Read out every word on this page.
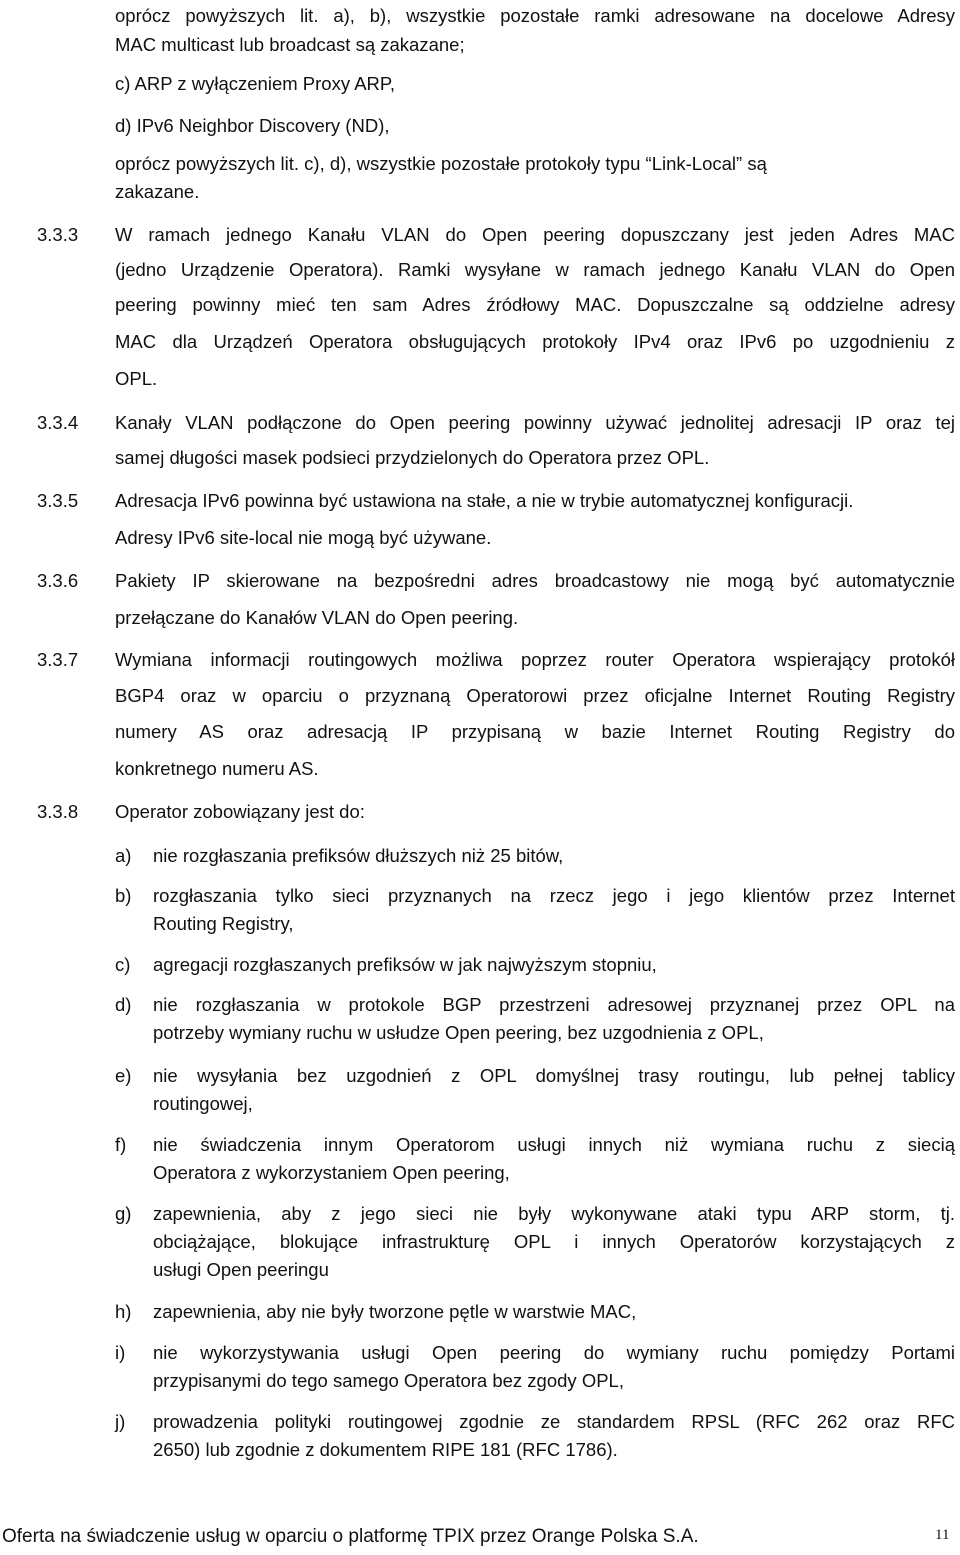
oprócz powyższych lit. a), b), wszystkie pozostałe ramki adresowane na docelowe Adresy
MAC multicast lub broadcast są zakazane;
c) ARP z wyłączeniem Proxy ARP,
d) IPv6 Neighbor Discovery (ND),
oprócz powyższych lit. c), d), wszystkie pozostałe protokoły typu “Link-Local” są
zakazane.
3.3.3 W ramach jednego Kanału VLAN do Open peering dopuszczany jest jeden Adres MAC
(jedno Urządzenie Operatora). Ramki wysyłane w ramach jednego Kanału VLAN do Open
peering powinny mieć ten sam Adres źródłowy MAC. Dopuszczalne są oddzielne adresy
MAC dla Urządzeń Operatora obsługujących protokoły IPv4 oraz IPv6 po uzgodnieniu z
OPL.
3.3.4 Kanały VLAN podłączone do Open peering powinny używać jednolitej adresacji IP oraz tej
samej długości masek podsieci przydzielonych do Operatora przez OPL.
3.3.5 Adresacja IPv6 powinna być ustawiona na stałe, a nie w trybie automatycznej konfiguracji.
Adresy IPv6 site-local nie mogą być używane.
3.3.6 Pakiety IP skierowane na bezpośredni adres broadcastowy nie mogą być automatycznie
przełączane do Kanałów VLAN do Open peering.
3.3.7 Wymiana informacji routingowych możliwa poprzez router Operatora wspierający protokół
BGP4 oraz w oparciu o przyznaną Operatorowi przez oficjalne Internet Routing Registry
numery AS oraz adresacją IP przypisaną w bazie Internet Routing Registry do
konkretnego numeru AS.
3.3.8 Operator zobowiązany jest do:
a) nie rozgłaszania prefiksów dłuższych niż 25 bitów,
b) rozgłaszania tylko sieci przyznanych na rzecz jego i jego klientów przez Internet
Routing Registry,
c) agregacji rozgłaszanych prefiksów w jak najwyższym stopniu,
d) nie rozgłaszania w protokole BGP przestrzeni adresowej przyznanej przez OPL na
potrzeby wymiany ruchu w usłudze Open peering, bez uzgodnienia z OPL,
e) nie wysyłania bez uzgodnień z OPL domyślnej trasy routingu, lub pełnej tablicy
routingowej,
f) nie świadczenia innym Operatorom usługi innych niż wymiana ruchu z siecią
Operatora z wykorzystaniem Open peering,
g) zapewnienia, aby z jego sieci nie były wykonywane ataki typu ARP storm, tj.
obciążające, blokujące infrastrukturę OPL i innych Operatorów korzystających z
usługi Open peeringu
h) zapewnienia, aby nie były tworzone pętle w warstwie MAC,
i) nie wykorzystywania usługi Open peering do wymiany ruchu pomiędzy Portami
przypisanymi do tego samego Operatora bez zgody OPL,
j) prowadzenia polityki routingowej zgodnie ze standardem RPSL (RFC 262 oraz RFC
2650) lub zgodnie z dokumentem RIPE 181 (RFC 1786).
Oferta na świadczenie usług w oparciu o platformę TPIX przez Orange Polska S.A.	11
